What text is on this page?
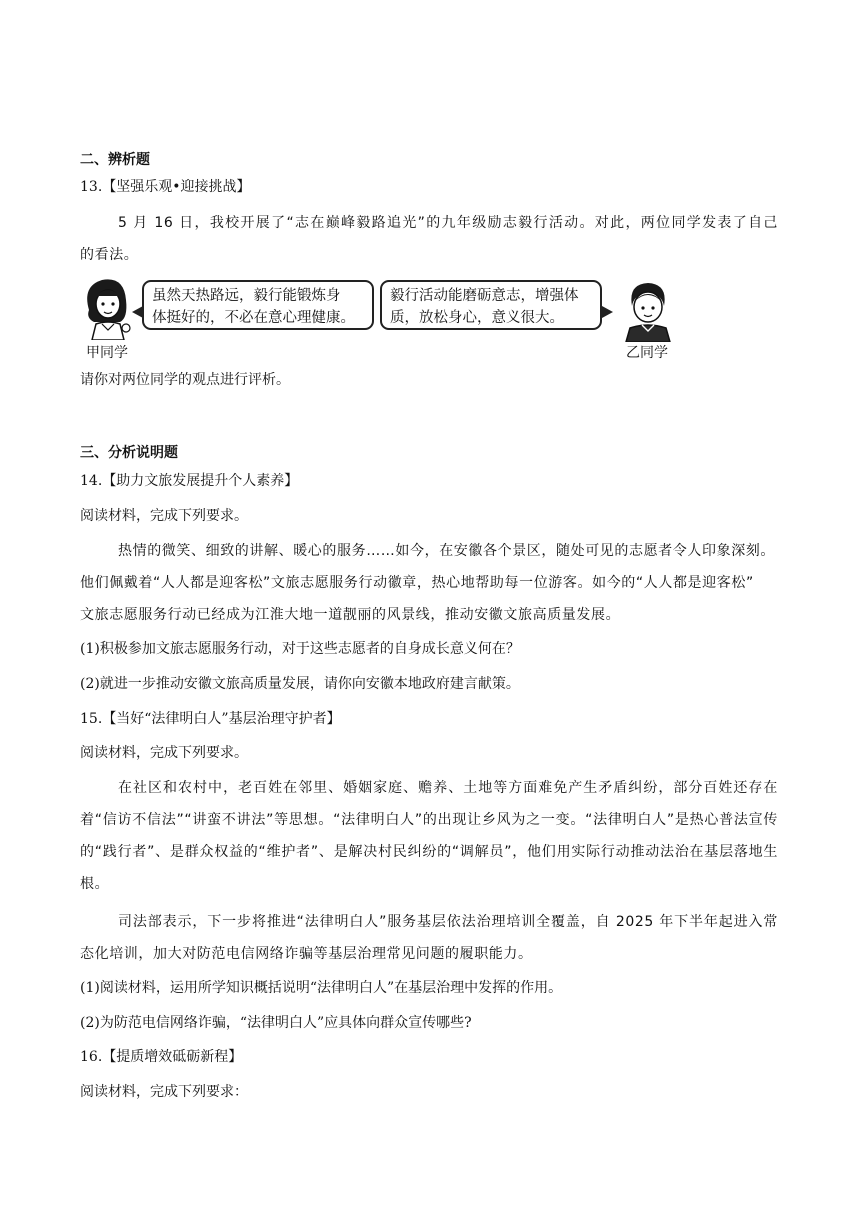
二、辨析题
13.【坚强乐观•迎接挑战】
5 月 16 日，我校开展了“志在巅峰毅路追光”的九年级励志毅行活动。对此，两位同学发表了自己
的看法。
虽然天热路远，毅行能锻炼身
体挺好的，不必在意心理健康。
毅行活动能磨砺意志，增强体
质，放松身心，意义很大。
甲同学	乙同学
请你对两位同学的观点进行评析。
三、分析说明题
14.【助力文旅发展提升个人素养】
阅读材料，完成下列要求。
热情的微笑、细致的讲解、暖心的服务……如今，在安徽各个景区，随处可见的志愿者令人印象深刻。
他们佩戴着“人人都是迎客松”文旅志愿服务行动徽章，热心地帮助每一位游客。如今的“人人都是迎客松”
文旅志愿服务行动已经成为江淮大地一道靓丽的风景线，推动安徽文旅高质量发展。
(1)积极参加文旅志愿服务行动，对于这些志愿者的自身成长意义何在？
(2)就进一步推动安徽文旅高质量发展，请你向安徽本地政府建言献策。
15.【当好“法律明白人”基层治理守护者】
阅读材料，完成下列要求。
在社区和农村中，老百姓在邻里、婚姻家庭、赡养、土地等方面难免产生矛盾纠纷，部分百姓还存在
着“信访不信法”“讲蛮不讲法”等思想。“法律明白人”的出现让乡风为之一变。“法律明白人”是热心普法宣传
的“践行者”、是群众权益的“维护者”、是解决村民纠纷的“调解员”，他们用实际行动推动法治在基层落地生
根。
司法部表示，下一步将推进“法律明白人”服务基层依法治理培训全覆盖，自 2025 年下半年起进入常
态化培训，加大对防范电信网络诈骗等基层治理常见问题的履职能力。
(1)阅读材料，运用所学知识概括说明“法律明白人”在基层治理中发挥的作用。
(2)为防范电信网络诈骗，“法律明白人”应具体向群众宣传哪些?
16.【提质增效砥砺新程】
阅读材料，完成下列要求：
